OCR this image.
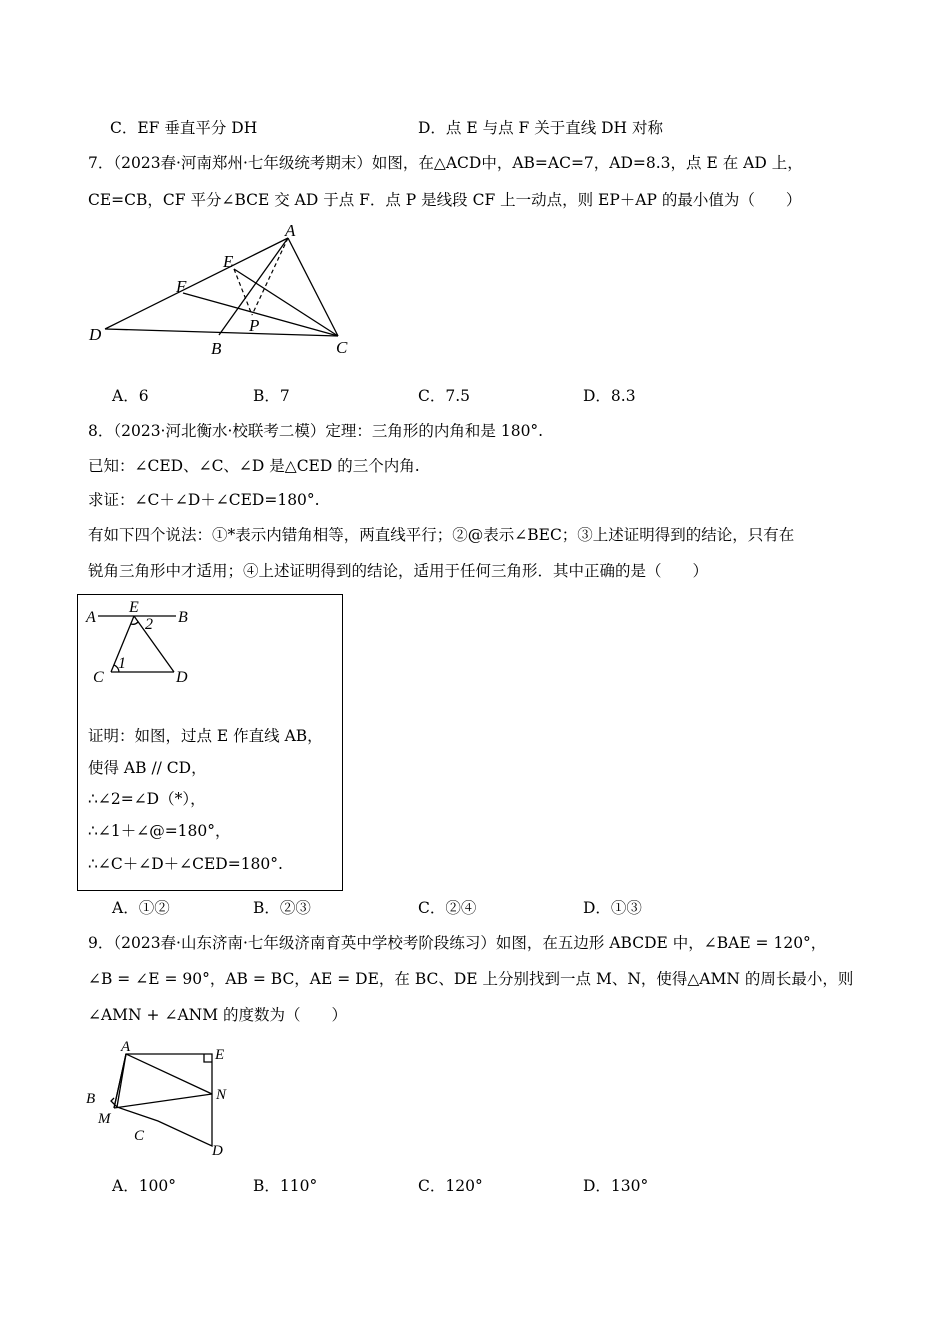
C．EF 垂直平分 DH	D．点 E 与点 F 关于直线 DH 对称
7．（2023春·河南郑州·七年级统考期末）如图，在△ACD中，AB=AC=7，AD=8.3，点 E 在 AD 上，
CE=CB，CF 平分∠BCE 交 AD 于点 F．点 P 是线段 CF 上一动点，则 EP＋AP 的最小值为（　　）
A
E
F
P
D
B	C
A．6	B．7	C．7.5	D．8.3
8．（2023·河北衡水·校联考二模）定理：三角形的内角和是 180°.
已知：∠CED、∠C、∠D 是△CED 的三个内角.
求证：∠C＋∠D＋∠CED=180°.
有如下四个说法：①*表示内错角相等，两直线平行；②@表示∠BEC；③上述证明得到的结论，只有在
锐角三角形中才适用；④上述证明得到的结论，适用于任何三角形．其中正确的是（　　）
A
E
B
2
1
C	D
证明：如图，过点 E 作直线 AB，
使得 AB // CD，
∴∠2=∠D（*），
∴∠1＋∠@=180°，
∴∠C＋∠D＋∠CED=180°.
A．①②	B．②③	C．②④	D．①③
9．（2023春·山东济南·七年级济南育英中学校考阶段练习）如图，在五边形 ABCDE 中，∠BAE = 120°，
∠B = ∠E = 90°，AB = BC，AE = DE，在 BC、DE 上分别找到一点 M、N，使得△AMN 的周长最小，则
∠AMN + ∠ANM 的度数为（　　）
A	E
B	N
M
C
D
A．100°	B．110°	C．120°	D．130°
